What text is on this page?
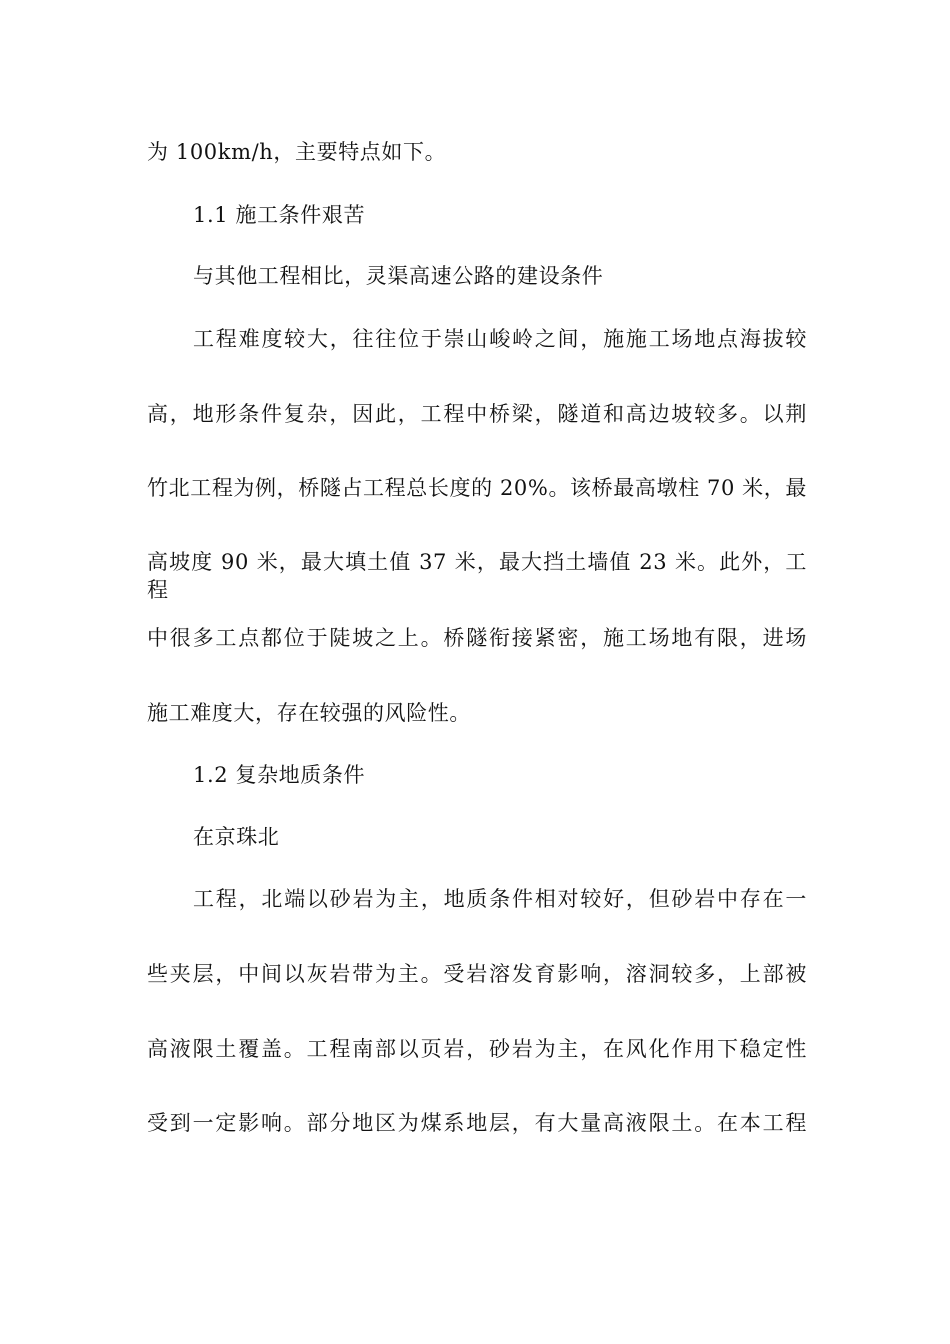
为 100km/h，主要特点如下。
1.1 施工条件艰苦
与其他工程相比，灵渠高速公路的建设条件
工程难度较大，往往位于崇山峻岭之间，施施工场地点海拔较
高，地形条件复杂，因此，工程中桥梁，隧道和高边坡较多。以荆
竹北工程为例，桥隧占工程总长度的 20%。该桥最高墩柱 70 米，最
高坡度 90 米，最大填土值 37 米，最大挡土墙值 23 米。此外，工程
中很多工点都位于陡坡之上。桥隧衔接紧密，施工场地有限，进场
施工难度大，存在较强的风险性。
1.2 复杂地质条件
在京珠北
工程，北端以砂岩为主，地质条件相对较好，但砂岩中存在一
些夹层，中间以灰岩带为主。受岩溶发育影响，溶洞较多，上部被
高液限土覆盖。工程南部以页岩，砂岩为主，在风化作用下稳定性
受到一定影响。部分地区为煤系地层，有大量高液限土。在本工程
